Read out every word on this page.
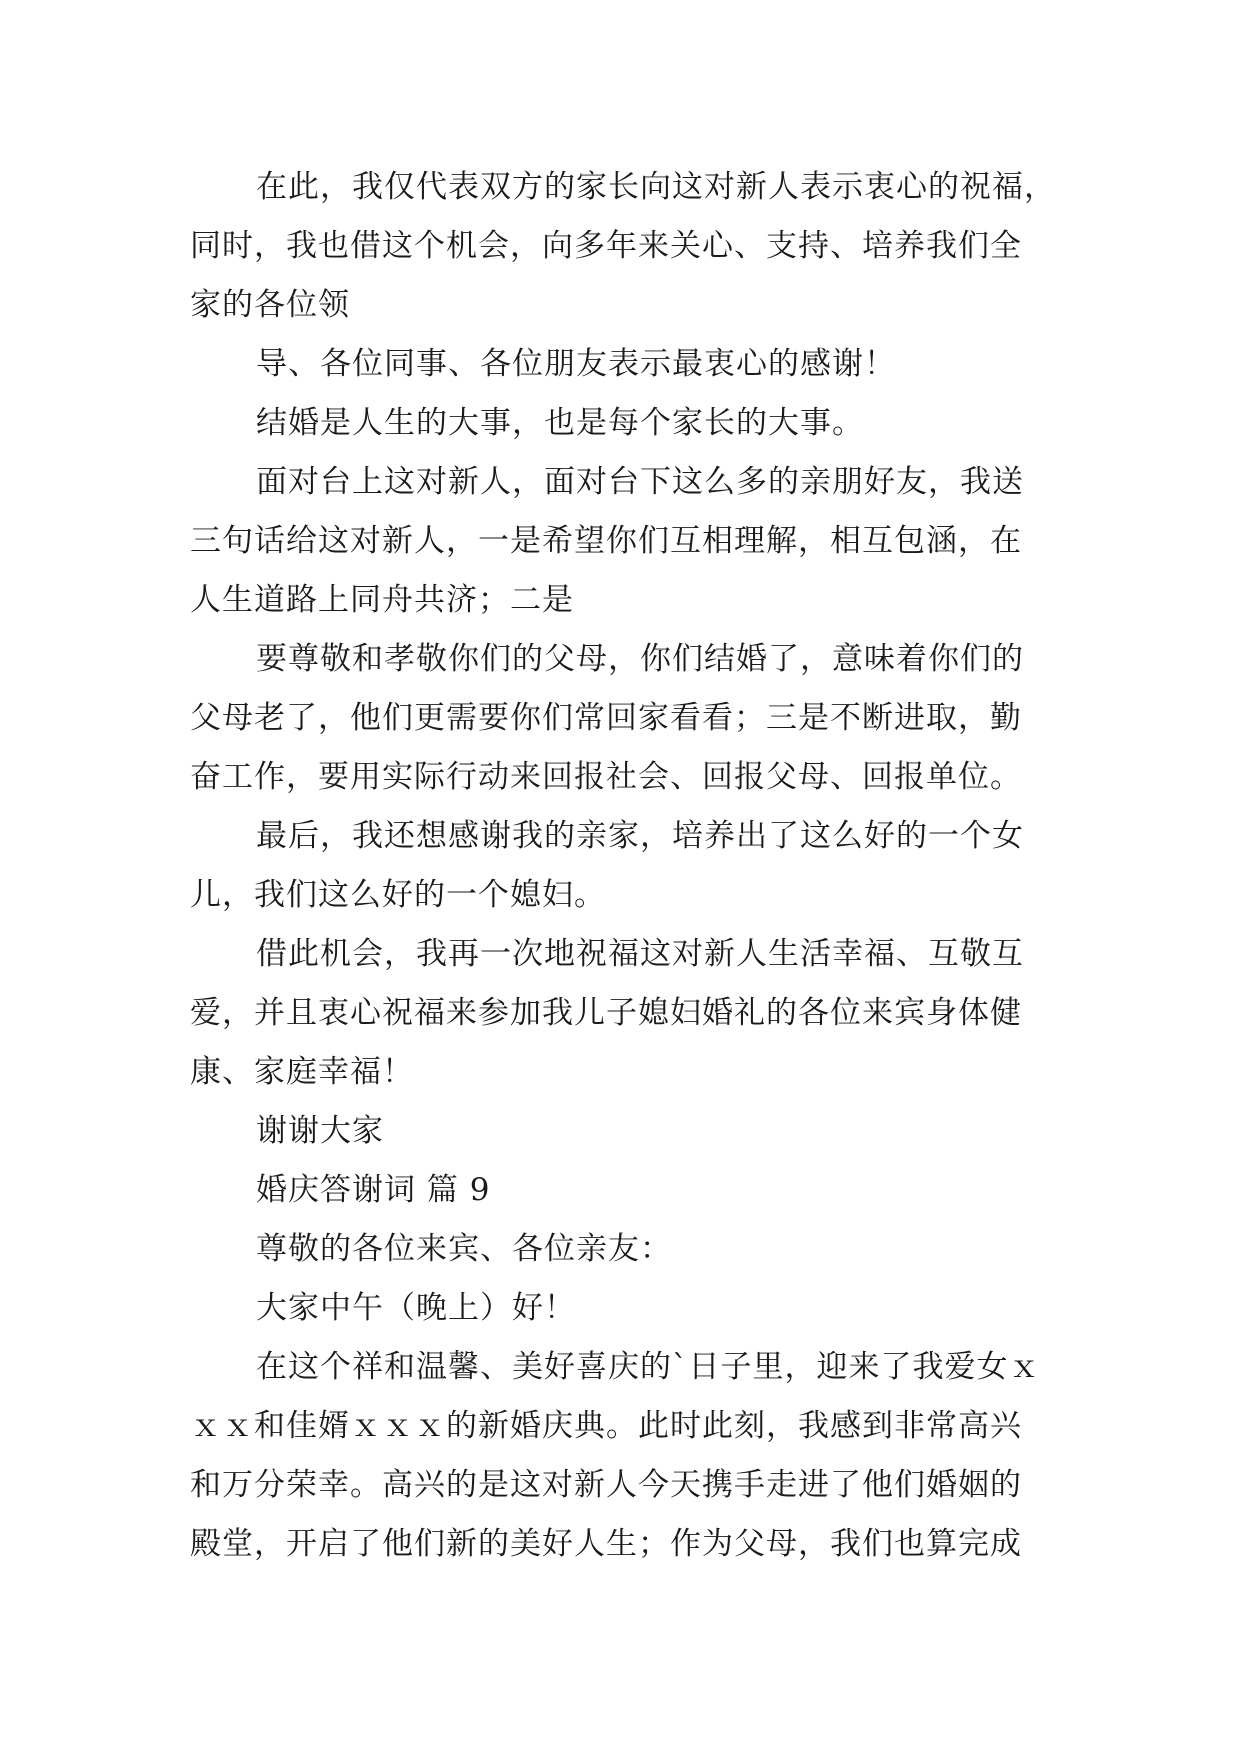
在此，我仅代表双方的家长向这对新人表示衷心的祝福，
同时，我也借这个机会，向多年来关心、支持、培养我们全
家的各位领
导、各位同事、各位朋友表示最衷心的感谢！
结婚是人生的大事，也是每个家长的大事。
面对台上这对新人，面对台下这么多的亲朋好友，我送
三句话给这对新人，一是希望你们互相理解，相互包涵，在
人生道路上同舟共济；二是
要尊敬和孝敬你们的父母，你们结婚了，意味着你们的
父母老了，他们更需要你们常回家看看；三是不断进取，勤
奋工作，要用实际行动来回报社会、回报父母、回报单位。
最后，我还想感谢我的亲家，培养出了这么好的一个女
儿，我们这么好的一个媳妇。
借此机会，我再一次地祝福这对新人生活幸福、互敬互
爱，并且衷心祝福来参加我儿子媳妇婚礼的各位来宾身体健
康、家庭幸福！
谢谢大家
婚庆答谢词 篇 9
尊敬的各位来宾、各位亲友：
大家中午（晚上）好！
在这个祥和温馨、美好喜庆的`日子里，迎来了我爱女ｘ
ｘｘ和佳婿ｘｘｘ的新婚庆典。此时此刻，我感到非常高兴
和万分荣幸。高兴的是这对新人今天携手走进了他们婚姻的
殿堂，开启了他们新的美好人生；作为父母，我们也算完成
